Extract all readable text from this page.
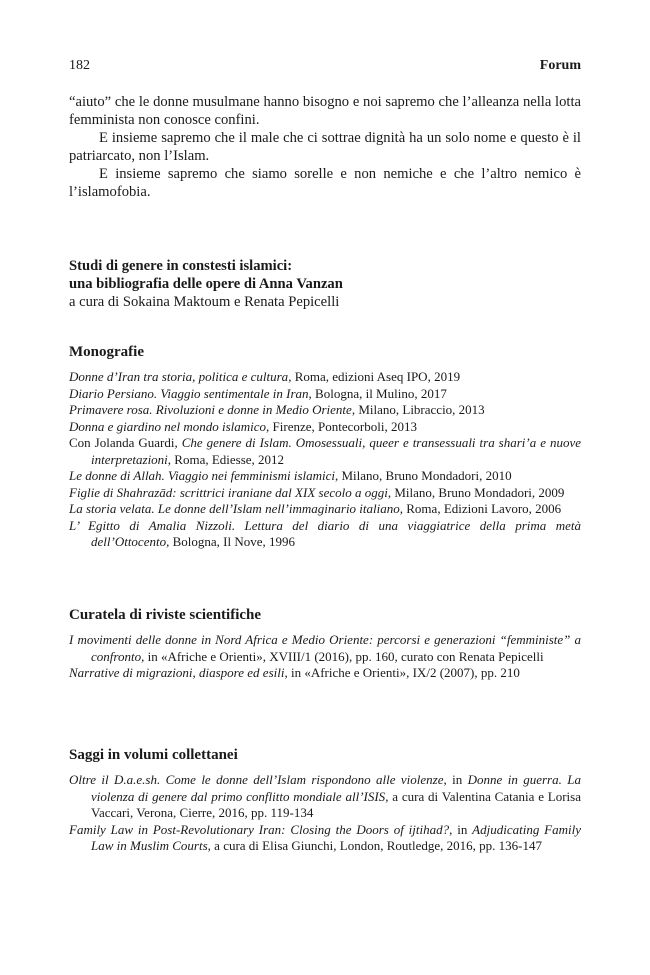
182	Forum

“aiuto” che le donne musulmane hanno bisogno e noi sapremo che l’alleanza nella lotta femminista non conosce confini.

E insieme sapremo che il male che ci sottrae dignità ha un solo nome e questo è il patriarcato, non l’Islam.

E insieme sapremo che siamo sorelle e non nemiche e che l’altro nemico è l’islamofobia.

Studi di genere in constesti islamici:

una bibliografia delle opere di Anna Vanzan

a cura di Sokaina Maktoum e Renata Pepicelli

Monografie

Donne d’Iran tra storia, politica e cultura, Roma, edizioni Aseq IPO, 2019

Diario Persiano. Viaggio sentimentale in Iran, Bologna, il Mulino, 2017

Primavere rosa. Rivoluzioni e donne in Medio Oriente, Milano, Libraccio, 2013

Donna e giardino nel mondo islamico, Firenze, Pontecorboli, 2013

Con Jolanda Guardi, Che genere di Islam. Omosessuali, queer e transessuali tra shari’a e nuove interpretazioni, Roma, Ediesse, 2012

Le donne di Allah. Viaggio nei femminismi islamici, Milano, Bruno Mondadori, 2010

Figlie di Shahrazād: scrittrici iraniane dal XIX secolo a oggi, Milano, Bruno Mondadori, 2009

La storia velata. Le donne dell’Islam nell’immaginario italiano, Roma, Edizioni Lavoro, 2006

L’ Egitto di Amalia Nizzoli. Lettura del diario di una viaggiatrice della prima metà dell’Ottocento, Bologna, Il Nove, 1996

Curatela di riviste scientifiche

I movimenti delle donne in Nord Africa e Medio Oriente: percorsi e generazioni “femministe” a confronto, in «Afriche e Orienti», XVIII/1 (2016), pp. 160, curato con Renata Pepicelli

Narrative di migrazioni, diaspore ed esili, in «Afriche e Orienti», IX/2 (2007), pp. 210

Saggi in volumi collettanei

Oltre il D.a.e.sh. Come le donne dell’Islam rispondono alle violenze, in Donne in guerra. La violenza di genere dal primo conflitto mondiale all’ISIS, a cura di Valentina Catania e Lorisa Vaccari, Verona, Cierre, 2016, pp. 119-134

Family Law in Post-Revolutionary Iran: Closing the Doors of ijtihad?, in Adjudicating Family Law in Muslim Courts, a cura di Elisa Giunchi, London, Routledge, 2016, pp. 136-147
